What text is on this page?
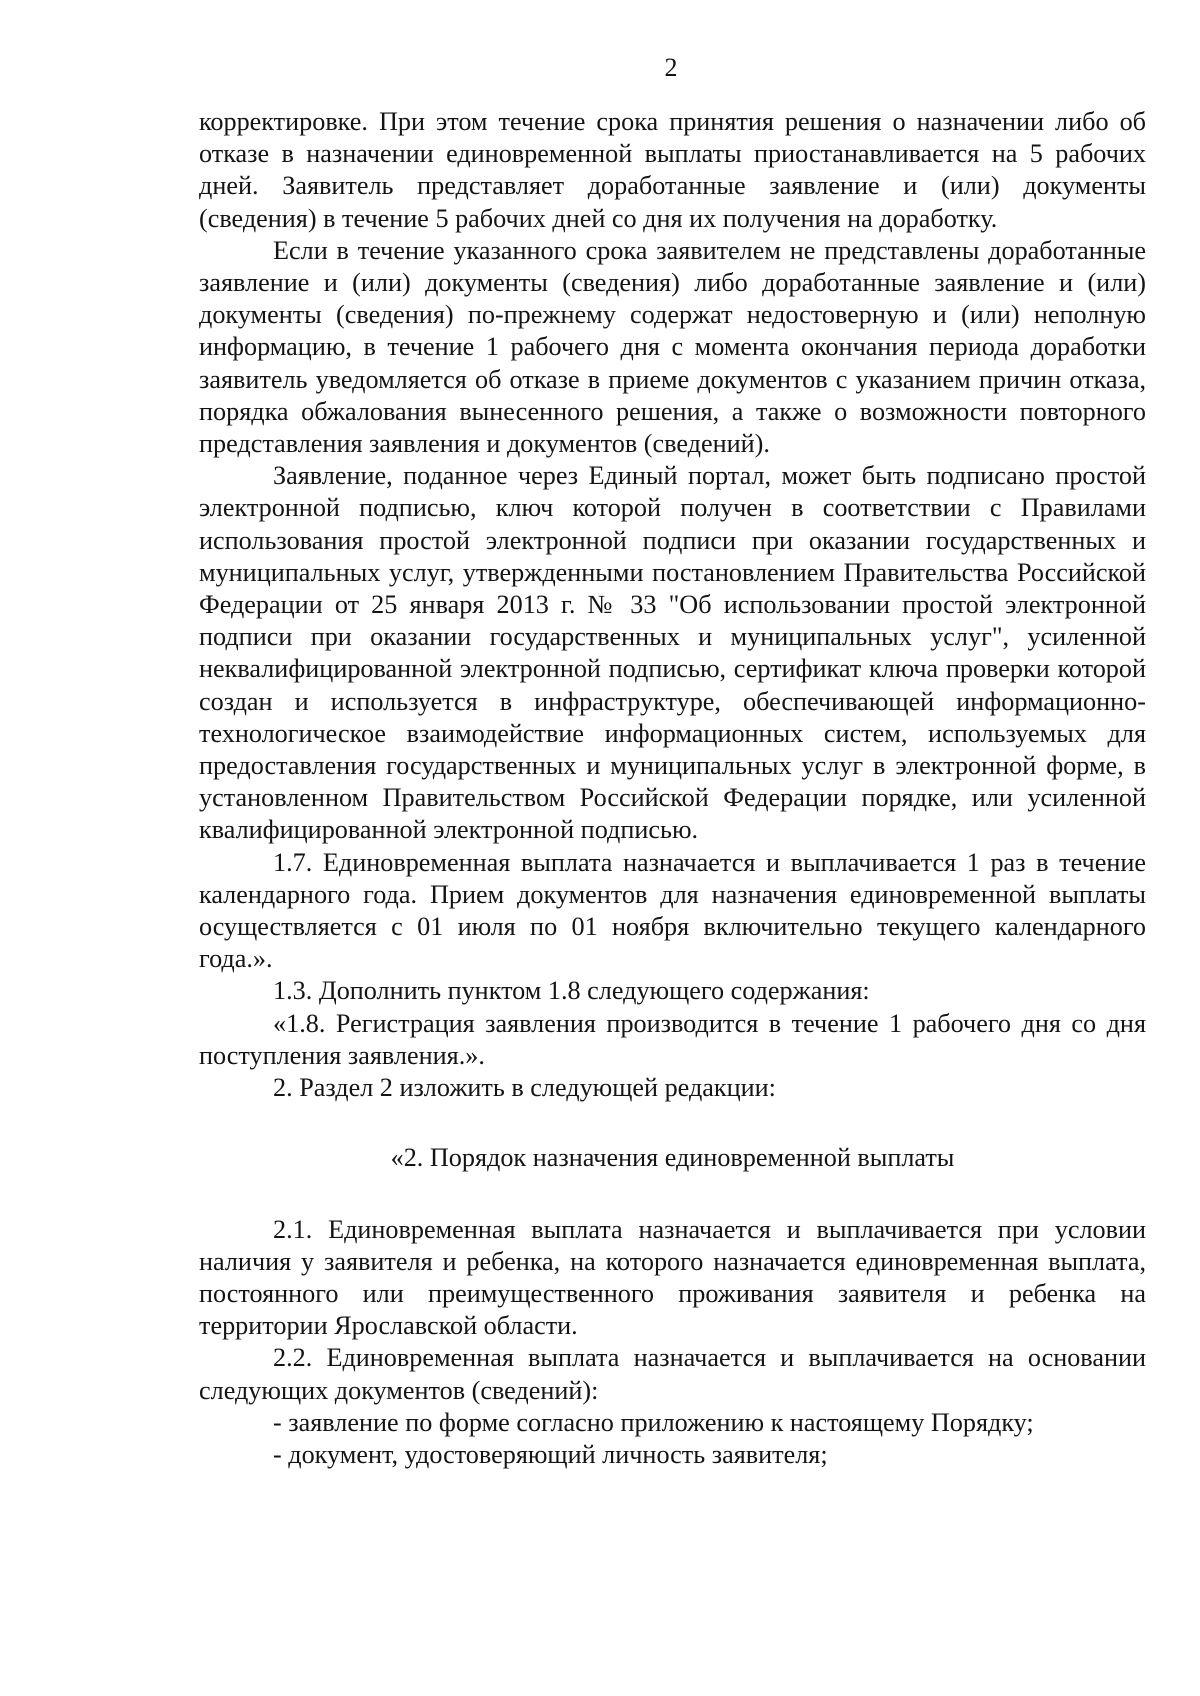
2

корректировке. При этом течение срока принятия решения о назначении либо об отказе в назначении единовременной выплаты приостанавливается на 5 рабочих дней. Заявитель представляет доработанные заявление и (или) документы (сведения) в течение 5 рабочих дней со дня их получения на доработку.

Если в течение указанного срока заявителем не представлены доработанные заявление и (или) документы (сведения) либо доработанные заявление и (или) документы (сведения) по-прежнему содержат недостоверную и (или) неполную информацию, в течение 1 рабочего дня с момента окончания периода доработки заявитель уведомляется об отказе в приеме документов с указанием причин отказа, порядка обжалования вынесенного решения, а также о возможности повторного представления заявления и документов (сведений).

Заявление, поданное через Единый портал, может быть подписано простой электронной подписью, ключ которой получен в соответствии с Правилами использования простой электронной подписи при оказании государственных и муниципальных услуг, утвержденными постановлением Правительства Российской Федерации от 25 января 2013 г. № 33 "Об использовании простой электронной подписи при оказании государственных и муниципальных услуг", усиленной неквалифицированной электронной подписью, сертификат ключа проверки которой создан и используется в инфраструктуре, обеспечивающей информационно-технологическое взаимодействие информационных систем, используемых для предоставления государственных и муниципальных услуг в электронной форме, в установленном Правительством Российской Федерации порядке, или усиленной квалифицированной электронной подписью.

1.7. Единовременная выплата назначается и выплачивается 1 раз в течение календарного года. Прием документов для назначения единовременной выплаты осуществляется с 01 июля по 01 ноября включительно текущего календарного года.».

1.3. Дополнить пунктом 1.8 следующего содержания:

«1.8. Регистрация заявления производится в течение 1 рабочего дня со дня поступления заявления.».

2. Раздел 2 изложить в следующей редакции:

«2. Порядок назначения единовременной выплаты

2.1. Единовременная выплата назначается и выплачивается при условии наличия у заявителя и ребенка, на которого назначается единовременная выплата, постоянного или преимущественного проживания заявителя и ребенка на территории Ярославской области.

2.2. Единовременная выплата назначается и выплачивается на основании следующих документов (сведений):

- заявление по форме согласно приложению к настоящему Порядку;

- документ, удостоверяющий личность заявителя;
